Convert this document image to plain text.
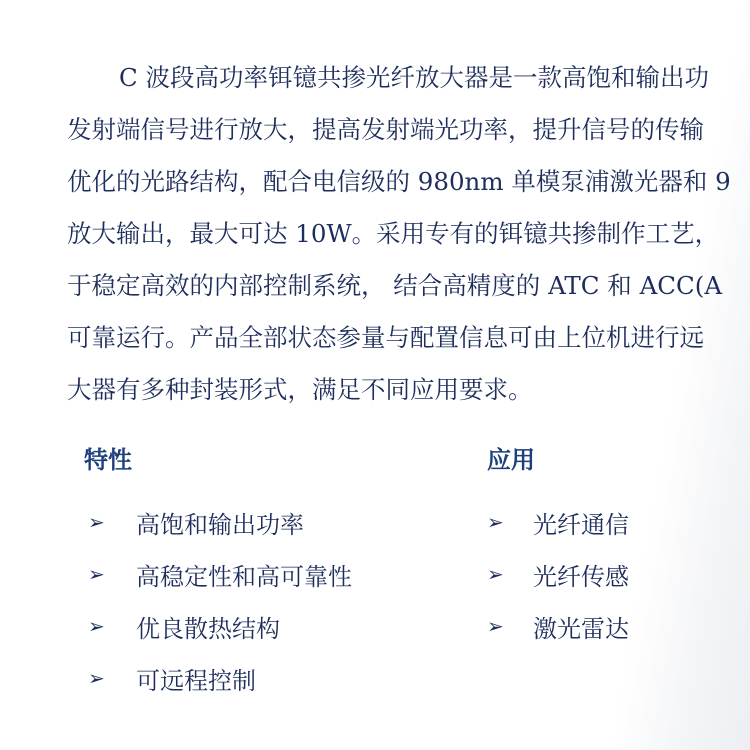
C 波段高功率铒镱共掺光纤放大器是一款高饱和输出功
发射端信号进行放大，提高发射端光功率，提升信号的传输
优化的光路结构，配合电信级的 980nm 单模泵浦激光器和 9
放大输出，最大可达 10W。采用专有的铒镱共掺制作工艺，
于稳定高效的内部控制系统， 结合高精度的 ATC 和 ACC(A
可靠运行。产品全部状态参量与配置信息可由上位机进行远
大器有多种封装形式，满足不同应用要求。
特性
➢	高饱和输出功率
➢	高稳定性和高可靠性
➢	优良散热结构
➢	可远程控制
应用
➢	光纤通信
➢	光纤传感
➢	激光雷达
